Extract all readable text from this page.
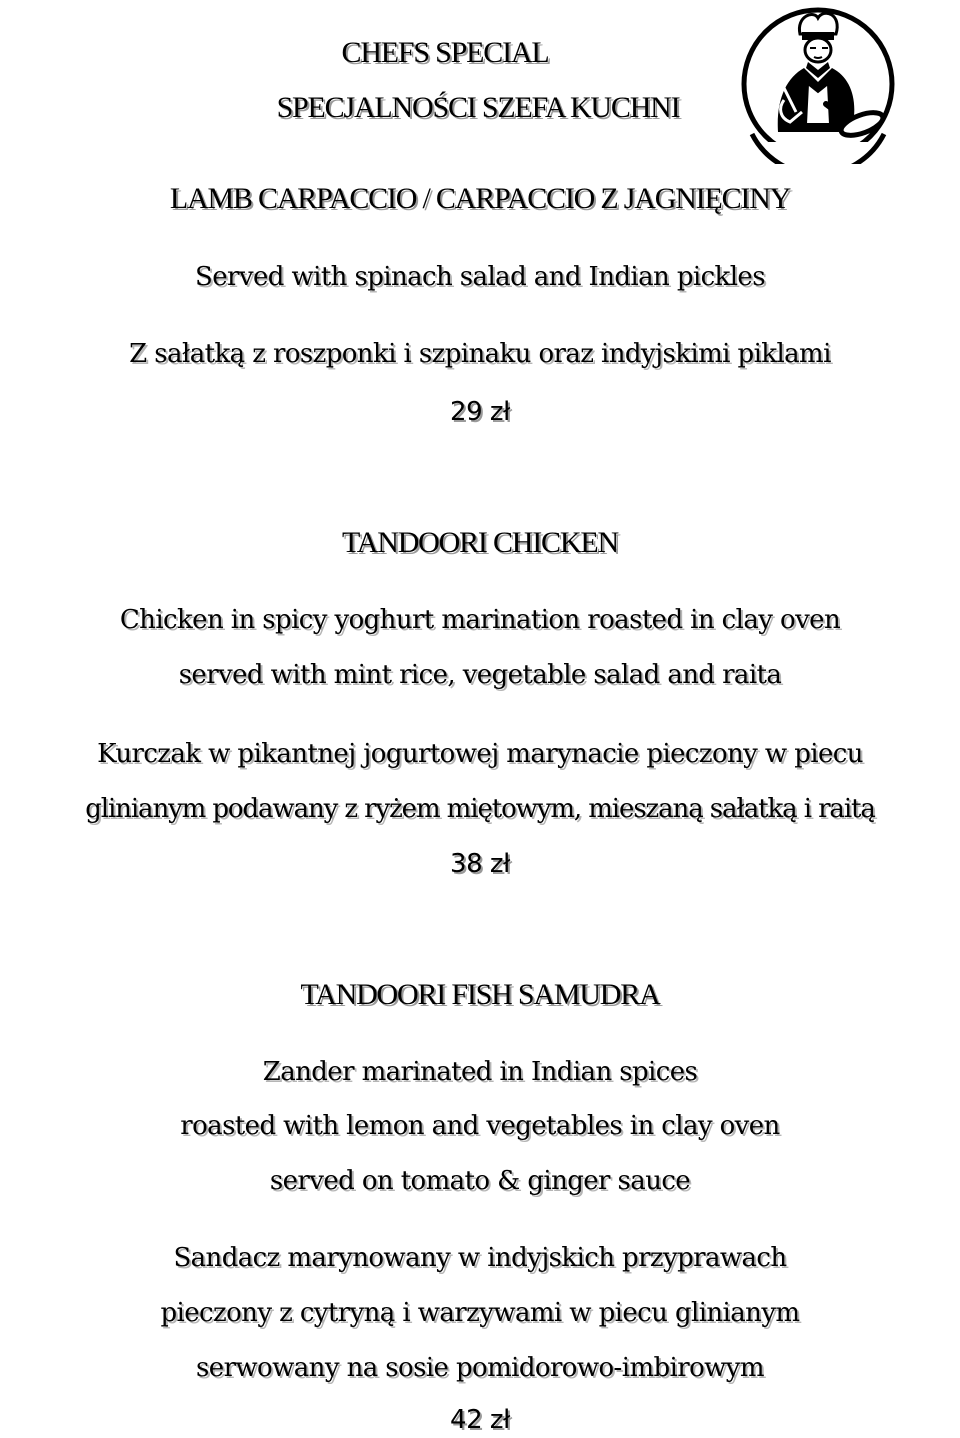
CHEFS SPECIAL
SPECJALNOŚCI SZEFA KUCHNI
LAMB CARPACCIO / CARPACCIO Z JAGNIĘCINY
Served with spinach salad and Indian pickles
Z sałatką z roszponki i szpinaku oraz indyjskimi piklami
29 zł
TANDOORI CHICKEN
Chicken in spicy yoghurt marination roasted in clay oven
served with mint rice, vegetable salad and raita
Kurczak w pikantnej jogurtowej marynacie pieczony w piecu
glinianym podawany z ryżem miętowym, mieszaną sałatką i raitą
38 zł
TANDOORI FISH SAMUDRA
Zander marinated in Indian spices
roasted with lemon and vegetables in clay oven
served on tomato & ginger sauce
Sandacz marynowany w indyjskich przyprawach
pieczony z cytryną i warzywami w piecu glinianym
serwowany na sosie pomidorowo-imbirowym
42 zł
